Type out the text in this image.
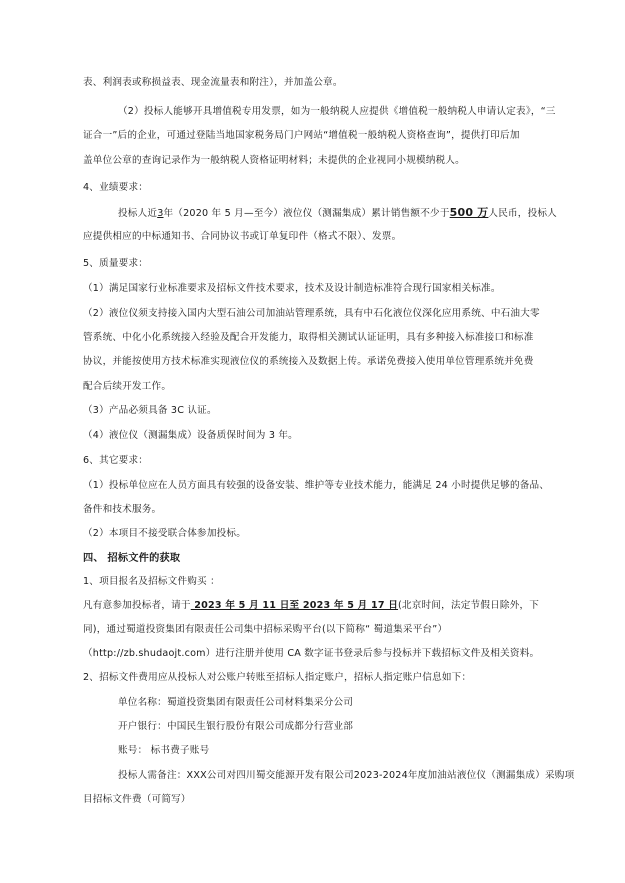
表、利润表或称损益表、现金流量表和附注），并加盖公章。
（2）投标人能够开具增值税专用发票，如为一般纳税人应提供《增值税一般纳税人申请认定表》，“三
证合一”后的企业，可通过登陆当地国家税务局门户网站“增值税一般纳税人资格查询”，提供打印后加
盖单位公章的查询记录作为一般纳税人资格证明材料；未提供的企业视同小规模纳税人。
4、业绩要求：
投标人近3年（2020 年 5 月—至今）液位仪（测漏集成）累计销售额不少于500 万人民币，投标人
应提供相应的中标通知书、合同协议书或订单复印件（格式不限）、发票。
5、质量要求：
（1）满足国家行业标准要求及招标文件技术要求，技术及设计制造标准符合现行国家相关标准。
（2）液位仪须支持接入国内大型石油公司加油站管理系统，具有中石化液位仪深化应用系统、中石油大零
管系统、中化小化系统接入经验及配合开发能力，取得相关测试认证证明，具有多种接入标准接口和标准
协议，并能按使用方技术标准实现液位仪的系统接入及数据上传。承诺免费接入使用单位管理系统并免费
配合后续开发工作。
（3）产品必须具备 3C 认证。
（4）液位仪（测漏集成）设备质保时间为 3 年。
6、其它要求：
（1）投标单位应在人员方面具有较强的设备安装、维护等专业技术能力，能满足 24 小时提供足够的备品、
备件和技术服务。
（2）本项目不接受联合体参加投标。
四、 招标文件的获取
1、项目报名及招标文件购买 ：
凡有意参加投标者，请于 2023 年 5 月 11 日至 2023 年 5 月 17 日(北京时间，法定节假日除外，下
同)，通过蜀道投资集团有限责任公司集中招标采购平台(以下简称“ 蜀道集采平台”）
（http://zb.shudaojt.com）进行注册并使用 CA 数字证书登录后参与投标并下载招标文件及相关资料。
2、招标文件费用应从投标人对公账户转账至招标人指定账户，招标人指定账户信息如下：
单位名称：蜀道投资集团有限责任公司材料集采分公司
开户银行：中国民生银行股份有限公司成都分行营业部
账号： 标书费子账号
投标人需备注：XXX公司对四川蜀交能源开发有限公司2023-2024年度加油站液位仪（测漏集成）采购项
目招标文件费（可简写）
